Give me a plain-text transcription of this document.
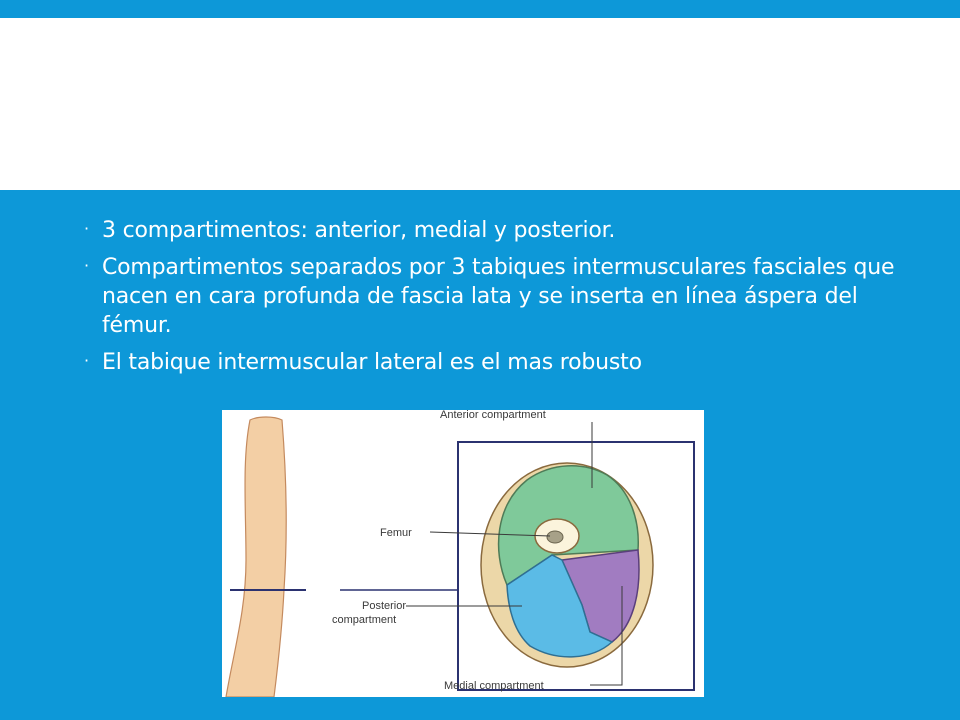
· 3 compartimentos: anterior, medial y posterior.
· Compartimentos separados por 3 tabiques intermusculares fasciales que nacen en cara profunda de fascia lata y se inserta en línea áspera del fémur.
· El tabique intermuscular lateral es el mas robusto
Anterior compartment
Femur
Posterior
compartment
Medial compartment
